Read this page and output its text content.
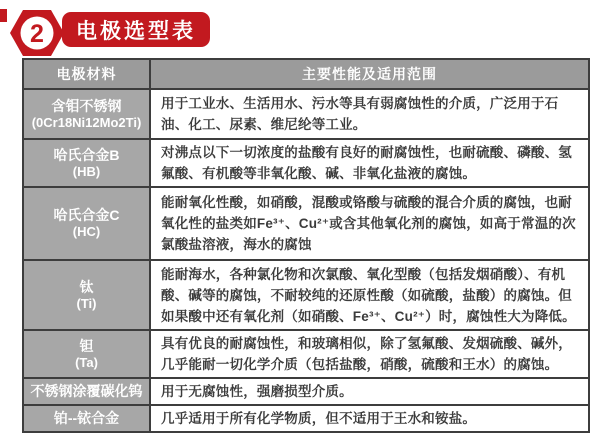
2 电极选型表
电极材料	主要性能及适用范围

含钼不锈钢
(0Cr18Ni12Mo2Ti)	用于工业水、生活用水、污水等具有弱腐蚀性的介质，广泛用于石油、化工、尿素、维尼纶等工业。

哈氏合金B
(HB)	对沸点以下一切浓度的盐酸有良好的耐腐蚀性，也耐硫酸、磷酸、氢氟酸、有机酸等非氧化酸、碱、非氧化盐液的腐蚀。

哈氏合金C
(HC)	能耐氧化性酸，如硝酸，混酸或铬酸与硫酸的混合介质的腐蚀，也耐氧化性的盐类如Fe³⁺、Cu²⁺或含其他氧化剂的腐蚀，如高于常温的次氯酸盐溶液，海水的腐蚀

钛
(Ti)	能耐海水，各种氯化物和次氯酸、氧化型酸（包括发烟硝酸）、有机酸、碱等的腐蚀，不耐较纯的还原性酸（如硫酸，盐酸）的腐蚀。但如果酸中还有氧化剂（如硝酸、Fe³⁺、Cu²⁺）时，腐蚀性大为降低。

钽
(Ta)	具有优良的耐腐蚀性，和玻璃相似，除了氢氟酸、发烟硫酸、碱外，几乎能耐一切化学介质（包括盐酸，硝酸，硫酸和王水）的腐蚀。

不锈钢涂覆碳化钨	用于无腐蚀性，强磨损型介质。

铂--铱合金	几乎适用于所有化学物质，但不适用于王水和铵盐。
